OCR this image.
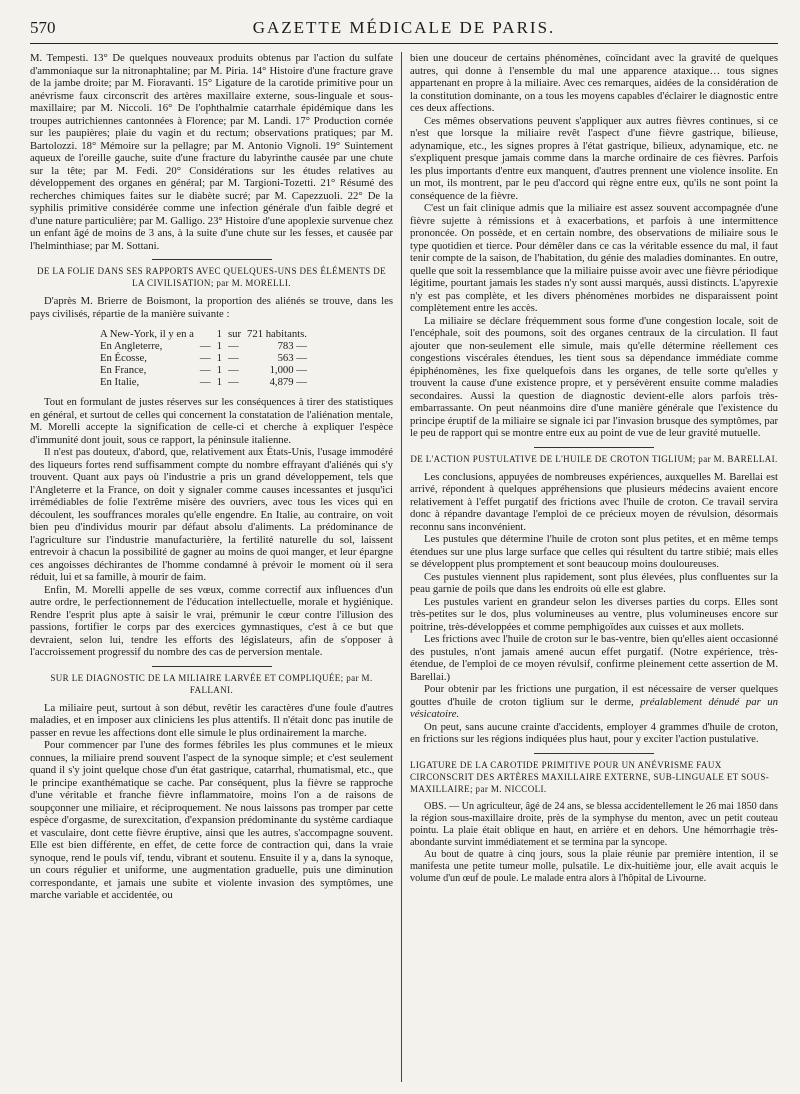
570	GAZETTE MÉDICALE DE PARIS.

M. Tempesti. 13° De quelques nouveaux produits obtenus par l'action du sulfate d'ammoniaque sur la nitronaphtaline; par M. Piria. 14° Histoire d'une fracture grave de la jambe droite; par M. Fioravanti. 15° Ligature de la carotide primitive pour un anévrisme faux circonscrit des artères maxillaire externe, sous-linguale et sous-maxillaire; par M. Niccoli. 16° De l'ophthalmie catarrhale épidémique dans les troupes autrichiennes cantonnées à Florence; par M. Landi. 17° Production cornée sur les paupières; plaie du vagin et du rectum; observations pratiques; par M. Bartolozzi. 18° Mémoire sur la pellagre; par M. Antonio Vignoli. 19° Suintement aqueux de l'oreille gauche, suite d'une fracture du labyrinthe causée par une chute sur la tête; par M. Fedi. 20° Considérations sur les études relatives au développement des organes en général; par M. Targioni-Tozetti. 21° Résumé des recherches chimiques faites sur le diabète sucré; par M. Capezzuoli. 22° De la syphilis primitive considérée comme une infection générale d'un faible degré et d'une nature particulière; par M. Galligo. 23° Histoire d'une apoplexie survenue chez un enfant âgé de moins de 3 ans, à la suite d'une chute sur les fesses, et causée par l'helminthiase; par M. Sottani.

DE LA FOLIE DANS SES RAPPORTS AVEC QUELQUES-UNS DES ÉLÉMENTS DE LA CIVILISATION; par M. MORELLI.

D'après M. Brierre de Boismont, la proportion des aliénés se trouve, dans les pays civilisés, répartie de la manière suivante :

A New-York, il y en a		1	sur	721 habitants.
En Angleterre,	—	1	—	783 —
En Écosse,	—	1	—	563 —
En France,	—	1	—	1,000 —
En Italie,	—	1	—	4,879 —

Tout en formulant de justes réserves sur les conséquences à tirer des statistiques en général, et surtout de celles qui concernent la constatation de l'aliénation mentale, M. Morelli accepte la signification de celle-ci et cherche à expliquer l'espèce d'immunité dont jouit, sous ce rapport, la péninsule italienne.

Il n'est pas douteux, d'abord, que, relativement aux États-Unis, l'usage immodéré des liqueurs fortes rend suffisamment compte du nombre effrayant d'aliénés qui s'y trouvent. Quant aux pays où l'industrie a pris un grand développement, tels que l'Angleterre et la France, on doit y signaler comme causes incessantes et jusqu'ici irrémédiables de folie l'extrême misère des ouvriers, avec tous les vices qui en découlent, les souffrances morales qu'elle engendre. En Italie, au contraire, on voit bien peu d'individus mourir par défaut absolu d'aliments. La prédominance de l'agriculture sur l'industrie manufacturière, la fertilité naturelle du sol, laissent entrevoir à chacun la possibilité de gagner au moins de quoi manger, et leur épargne ces angoisses déchirantes de l'homme condamné à prévoir le moment où il sera réduit, lui et sa famille, à mourir de faim.

Enfin, M. Morelli appelle de ses vœux, comme correctif aux influences d'un autre ordre, le perfectionnement de l'éducation intellectuelle, morale et hygiénique. Rendre l'esprit plus apte à saisir le vrai, prémunir le cœur contre l'illusion des passions, fortifier le corps par des exercices gymnastiques, c'est à ce but que devraient, selon lui, tendre les efforts des législateurs, afin de s'opposer à l'accroissement progressif du nombre des cas de perversion mentale.

SUR LE DIAGNOSTIC DE LA MILIAIRE LARVÉE ET COMPLIQUÉE; par M. FALLANI.

La miliaire peut, surtout à son début, revêtir les caractères d'une foule d'autres maladies, et en imposer aux cliniciens les plus attentifs. Il n'était donc pas inutile de passer en revue les affections dont elle simule le plus ordinairement la marche.

Pour commencer par l'une des formes fébriles les plus communes et le mieux connues, la miliaire prend souvent l'aspect de la synoque simple; et c'est seulement quand il s'y joint quelque chose d'un état gastrique, catarrhal, rhumatismal, etc., que le principe exanthématique se cache. Par conséquent, plus la fièvre se rapproche d'une véritable et franche fièvre inflammatoire, moins l'on a de raisons de soupçonner une miliaire, et réciproquement. Ne nous laissons pas tromper par cette espèce d'orgasme, de surexcitation, d'expansion prédominante du système cardiaque et vasculaire, dont cette fièvre éruptive, ainsi que les autres, s'accompagne souvent. Elle est bien différente, en effet, de cette force de contraction qui, dans la vraie synoque, rend le pouls vif, tendu, vibrant et soutenu. Ensuite il y a, dans la synoque, un cours régulier et uniforme, une augmentation graduelle, puis une diminution correspondante, et jamais une subite et violente invasion des symptômes, une marche variable et accidentée, ou

bien une douceur de certains phénomènes, coïncidant avec la gravité de quelques autres, qui donne à l'ensemble du mal une apparence ataxique… tous signes appartenant en propre à la miliaire. Avec ces remarques, aidées de la considération de la constitution dominante, on a tous les moyens capables d'éclairer le diagnostic entre ces deux affections.

Ces mêmes observations peuvent s'appliquer aux autres fièvres continues, si ce n'est que lorsque la miliaire revêt l'aspect d'une fièvre gastrique, bilieuse, adynamique, etc., les signes propres à l'état gastrique, bilieux, adynamique, etc. ne s'expliquent presque jamais comme dans la marche ordinaire de ces fièvres. Parfois les plus importants d'entre eux manquent, d'autres prennent une violence insolite. En un mot, ils montrent, par le peu d'accord qui règne entre eux, qu'ils ne sont point la conséquence de la fièvre.

C'est un fait clinique admis que la miliaire est assez souvent accompagnée d'une fièvre sujette à rémissions et à exacerbations, et parfois à une intermittence prononcée. On possède, et en certain nombre, des observations de miliaire sous le type quotidien et tierce. Pour démêler dans ce cas la véritable essence du mal, il faut tenir compte de la saison, de l'habitation, du génie des maladies dominantes. En outre, quelle que soit la ressemblance que la miliaire puisse avoir avec une fièvre périodique légitime, pourtant jamais les stades n'y sont aussi marqués, aussi distincts. L'apyrexie n'y est pas complète, et les divers phénomènes morbides ne disparaissent point complètement entre les accès.

La miliaire se déclare fréquemment sous forme d'une congestion locale, soit de l'encéphale, soit des poumons, soit des organes centraux de la circulation. Il faut ajouter que non-seulement elle simule, mais qu'elle détermine réellement ces congestions viscérales étendues, les tient sous sa dépendance immédiate comme épiphénomènes, les fixe quelquefois dans les organes, de telle sorte qu'elles y trouvent la cause d'une existence propre, et y persévèrent ensuite comme maladies secondaires. Aussi la question de diagnostic devient-elle alors parfois très-embarrassante. On peut néanmoins dire d'une manière générale que l'existence du principe éruptif de la miliaire se signale ici par l'invasion brusque des symptômes, par le peu de rapport qui se montre entre eux au point de vue de leur gravité mutuelle.

DE L'ACTION PUSTULATIVE DE L'HUILE DE CROTON TIGLIUM; par M. BARELLAI.

Les conclusions, appuyées de nombreuses expériences, auxquelles M. Barellai est arrivé, répondent à quelques appréhensions que plusieurs médecins avaient encore relativement à l'effet purgatif des frictions avec l'huile de croton. Ce travail servira donc à répandre davantage l'emploi de ce précieux moyen de révulsion, désormais reconnu sans inconvénient.

Les pustules que détermine l'huile de croton sont plus petites, et en même temps étendues sur une plus large surface que celles qui résultent du tartre stibié; mais elles se développent plus promptement et sont beaucoup moins douloureuses.

Ces pustules viennent plus rapidement, sont plus élevées, plus confluentes sur la peau garnie de poils que dans les endroits où elle est glabre.

Les pustules varient en grandeur selon les diverses parties du corps. Elles sont très-petites sur le dos, plus volumineuses au ventre, plus volumineuses encore sur poitrine, très-développées et comme pemphigoïdes aux cuisses et aux mollets.

Les frictions avec l'huile de croton sur le bas-ventre, bien qu'elles aient occasionné des pustules, n'ont jamais amené aucun effet purgatif. (Notre expérience, très-étendue, de l'emploi de ce moyen révulsif, confirme pleinement cette assertion de M. Barellai.)

Pour obtenir par les frictions une purgation, il est nécessaire de verser quelques gouttes d'huile de croton tiglium sur le derme, préalablement dénudé par un vésicatoire.

On peut, sans aucune crainte d'accidents, employer 4 grammes d'huile de croton, en frictions sur les régions indiquées plus haut, pour y exciter l'action pustulative.

LIGATURE DE LA CAROTIDE PRIMITIVE POUR UN ANÉVRISME FAUX CIRCONSCRIT DES ARTÈRES MAXILLAIRE EXTERNE, SUB-LINGUALE ET SOUS-MAXILLAIRE; par M. NICCOLI.

OBS. — Un agriculteur, âgé de 24 ans, se blessa accidentellement le 26 mai 1850 dans la région sous-maxillaire droite, près de la symphyse du menton, avec un petit couteau pointu. La plaie était oblique en haut, en arrière et en dehors. Une hémorrhagie très-abondante survint immédiatement et se termina par la syncope.

Au bout de quatre à cinq jours, sous la plaie réunie par première intention, il se manifesta une petite tumeur molle, pulsatile. Le dix-huitième jour, elle avait acquis le volume d'un œuf de poule. Le malade entra alors à l'hôpital de Livourne.
